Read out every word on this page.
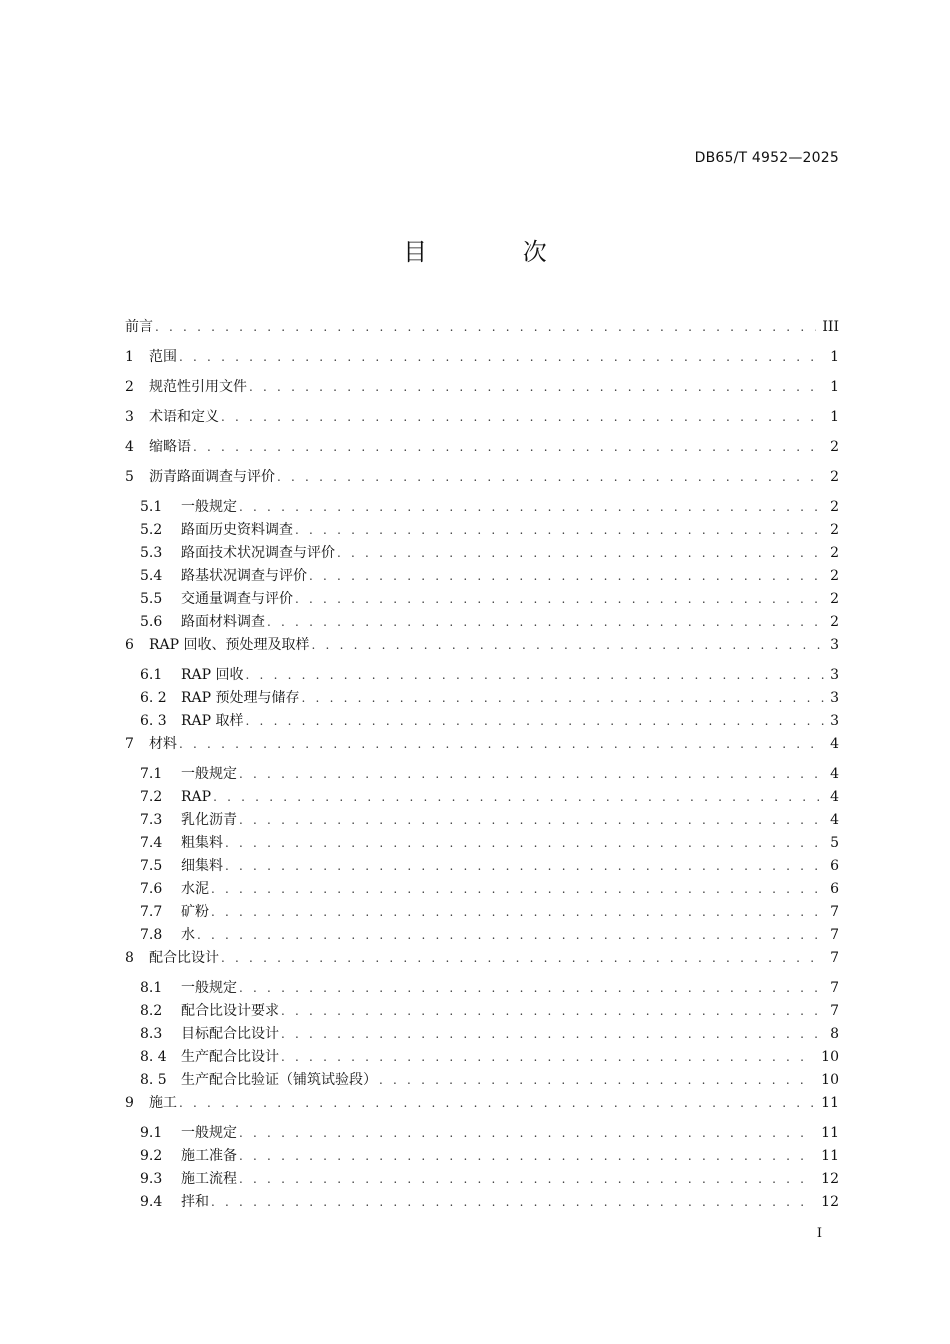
DB65/T 4952—2025
目 次
前言 . . .	III
1	范围 . . .	1
2	规范性引用文件 . . .	1
3	术语和定义 . . .	1
4	缩略语 . . .	2
5	沥青路面调查与评价 . . .	2
5.1	一般规定 . . .	2
5.2	路面历史资料调查 . . .	2
5.3	路面技术状况调查与评价 . . .	2
5.4	路基状况调查与评价 . . .	2
5.5	交通量调查与评价 . . .	2
5.6	路面材料调查 . . .	2
6	RAP 回收、预处理及取样 . . .	3
6.1	RAP 回收 . . .	3
6. 2	RAP 预处理与储存 . . .	3
6. 3	RAP 取样 . . .	3
7	材料 . . .	4
7.1	一般规定 . . .	4
7.2	RAP . . .	4
7.3	乳化沥青 . . .	4
7.4	粗集料 . . .	5
7.5	细集料 . . .	6
7.6	水泥 . . .	6
7.7	矿粉 . . .	7
7.8	水 . . .	7
8	配合比设计 . . .	7
8.1	一般规定 . . .	7
8.2	配合比设计要求 . . .	7
8.3	目标配合比设计 . . .	8
8. 4	生产配合比设计 . . .	10
8. 5	生产配合比验证（铺筑试验段） . . .	10
9	施工 . . .	11
9.1	一般规定 . . .	11
9.2	施工准备 . . .	11
9.3	施工流程 . . .	12
9.4	拌和 . . .	12
I
